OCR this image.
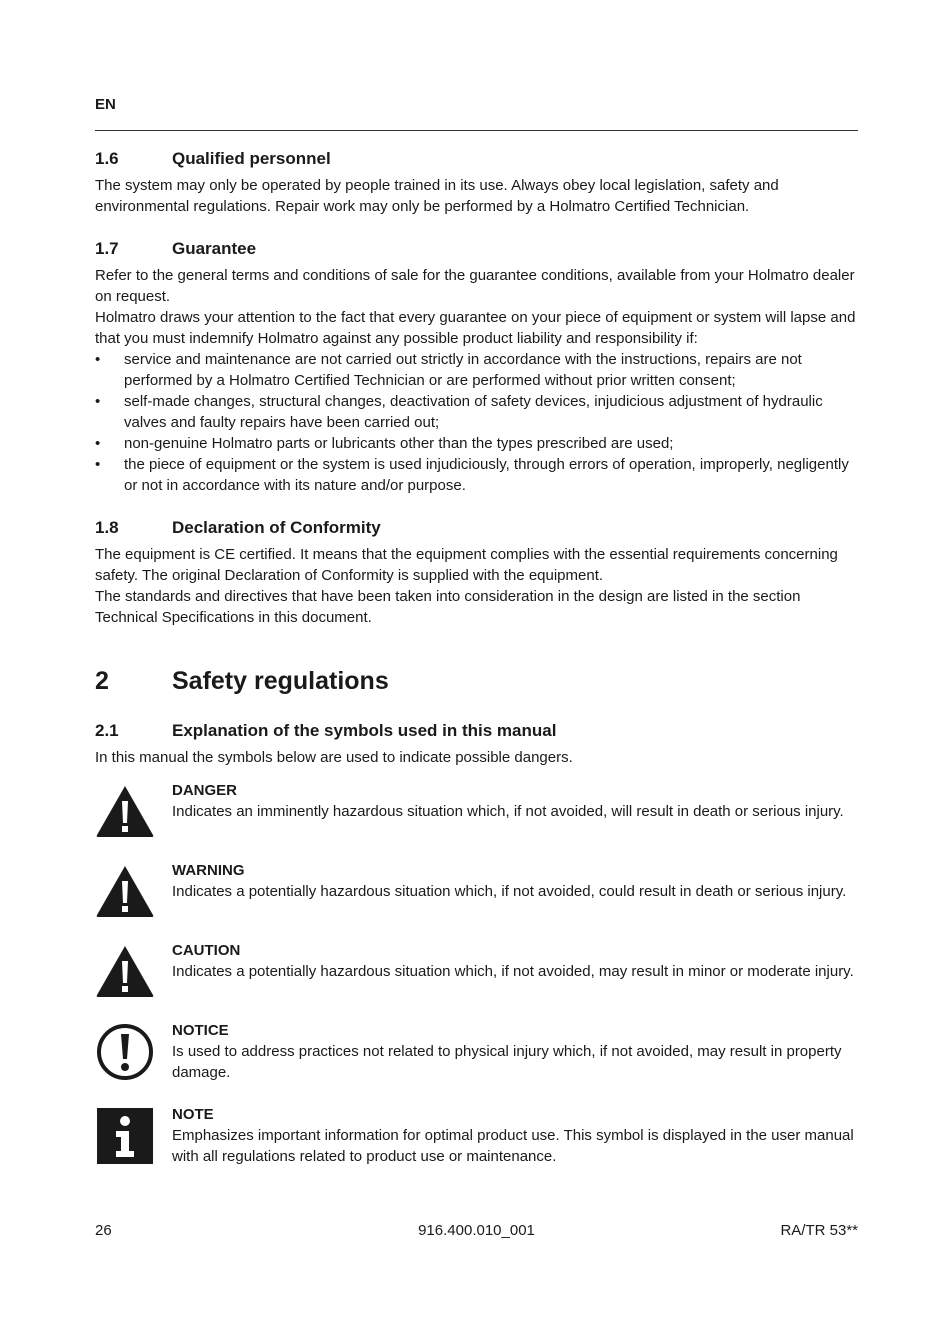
EN
1.6	Qualified personnel

The system may only be operated by people trained in its use. Always obey local legislation, safety and environmental regulations. Repair work may only be performed by a Holmatro Certified Technician.

1.7	Guarantee

Refer to the general terms and conditions of sale for the guarantee conditions, available from your Holmatro dealer on request.

Holmatro draws your attention to the fact that every guarantee on your piece of equipment or system will lapse and that you must indemnify Holmatro against any possible product liability and responsibility if:

• service and maintenance are not carried out strictly in accordance with the instructions, repairs are not performed by a Holmatro Certified Technician or are performed without prior written consent;
• self-made changes, structural changes, deactivation of safety devices, injudicious adjustment of hydraulic valves and faulty repairs have been carried out;
• non-genuine Holmatro parts or lubricants other than the types prescribed are used;
• the piece of equipment or the system is used injudiciously, through errors of operation, improperly, negligently or not in accordance with its nature and/or purpose.
1.8	Declaration of Conformity

The equipment is CE certified. It means that the equipment complies with the essential requirements concerning safety. The original Declaration of Conformity is supplied with the equipment.

The standards and directives that have been taken into consideration in the design are listed in the section Technical Specifications in this document.

2	Safety regulations
2.1	Explanation of the symbols used in this manual

In this manual the symbols below are used to indicate possible dangers.

DANGER
Indicates an imminently hazardous situation which, if not avoided, will result in death or serious injury.
WARNING
Indicates a potentially hazardous situation which, if not avoided, could result in death or serious injury.
CAUTION
Indicates a potentially hazardous situation which, if not avoided, may result in minor or moderate injury.
NOTICE
Is used to address practices not related to physical injury which, if not avoided, may result in property damage.
NOTE
Emphasizes important information for optimal product use. This symbol is displayed in the user manual with all regulations related to product use or maintenance.
26	916.400.010_001	RA/TR 53**
